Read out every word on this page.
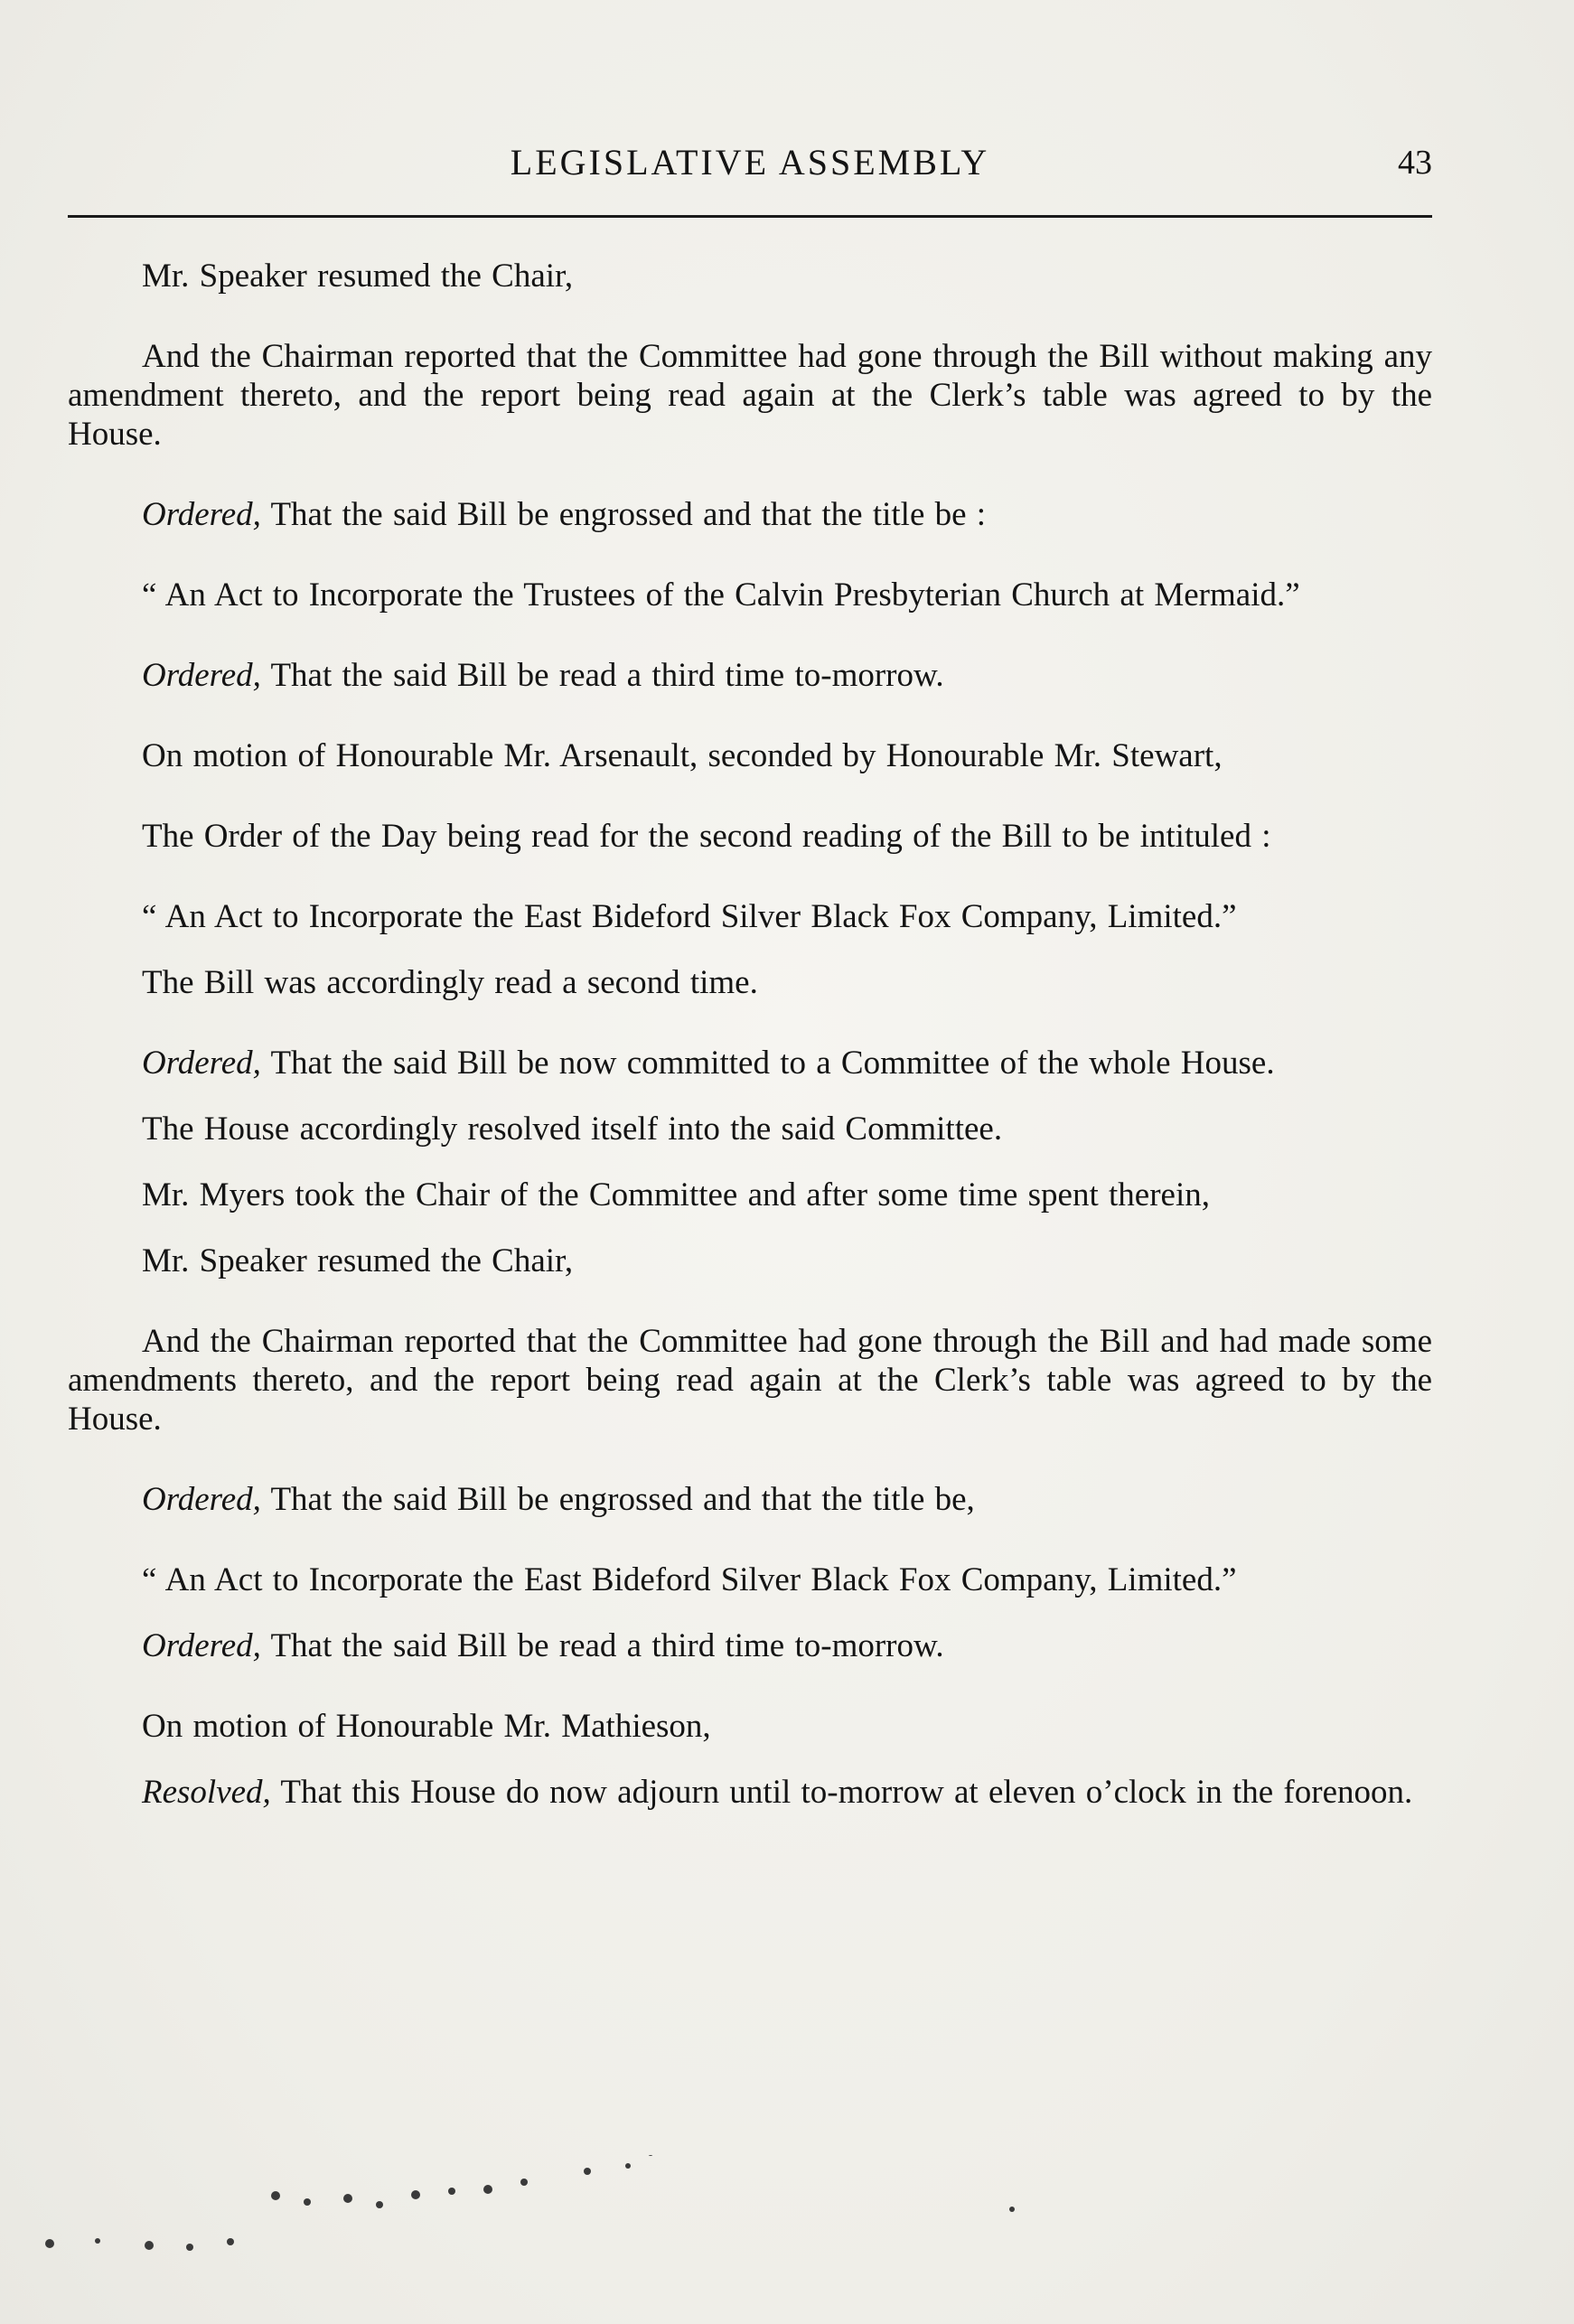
LEGISLATIVE ASSEMBLY	43

Mr. Speaker resumed the Chair,

And the Chairman reported that the Committee had gone through the Bill without making any amendment thereto, and the report being read again at the Clerk’s table was agreed to by the House.

Ordered, That the said Bill be engrossed and that the title be :

“ An Act to Incorporate the Trustees of the Calvin Presbyterian Church at Mermaid.”

Ordered, That the said Bill be read a third time to-morrow.

On motion of Honourable Mr. Arsenault, seconded by Honourable Mr. Stewart,

The Order of the Day being read for the second reading of the Bill to be intituled :

“ An Act to Incorporate the East Bideford Silver Black Fox Company, Limited.”

The Bill was accordingly read a second time.

Ordered, That the said Bill be now committed to a Committee of the whole House.

The House accordingly resolved itself into the said Committee.

Mr. Myers took the Chair of the Committee and after some time spent therein,

Mr. Speaker resumed the Chair,

And the Chairman reported that the Committee had gone through the Bill and had made some amendments thereto, and the report being read again at the Clerk’s table was agreed to by the House.

Ordered, That the said Bill be engrossed and that the title be,

“ An Act to Incorporate the East Bideford Silver Black Fox Company, Limited.”

Ordered, That the said Bill be read a third time to-morrow.

On motion of Honourable Mr. Mathieson,

Resolved, That this House do now adjourn until to-morrow at eleven o’clock in the forenoon.
